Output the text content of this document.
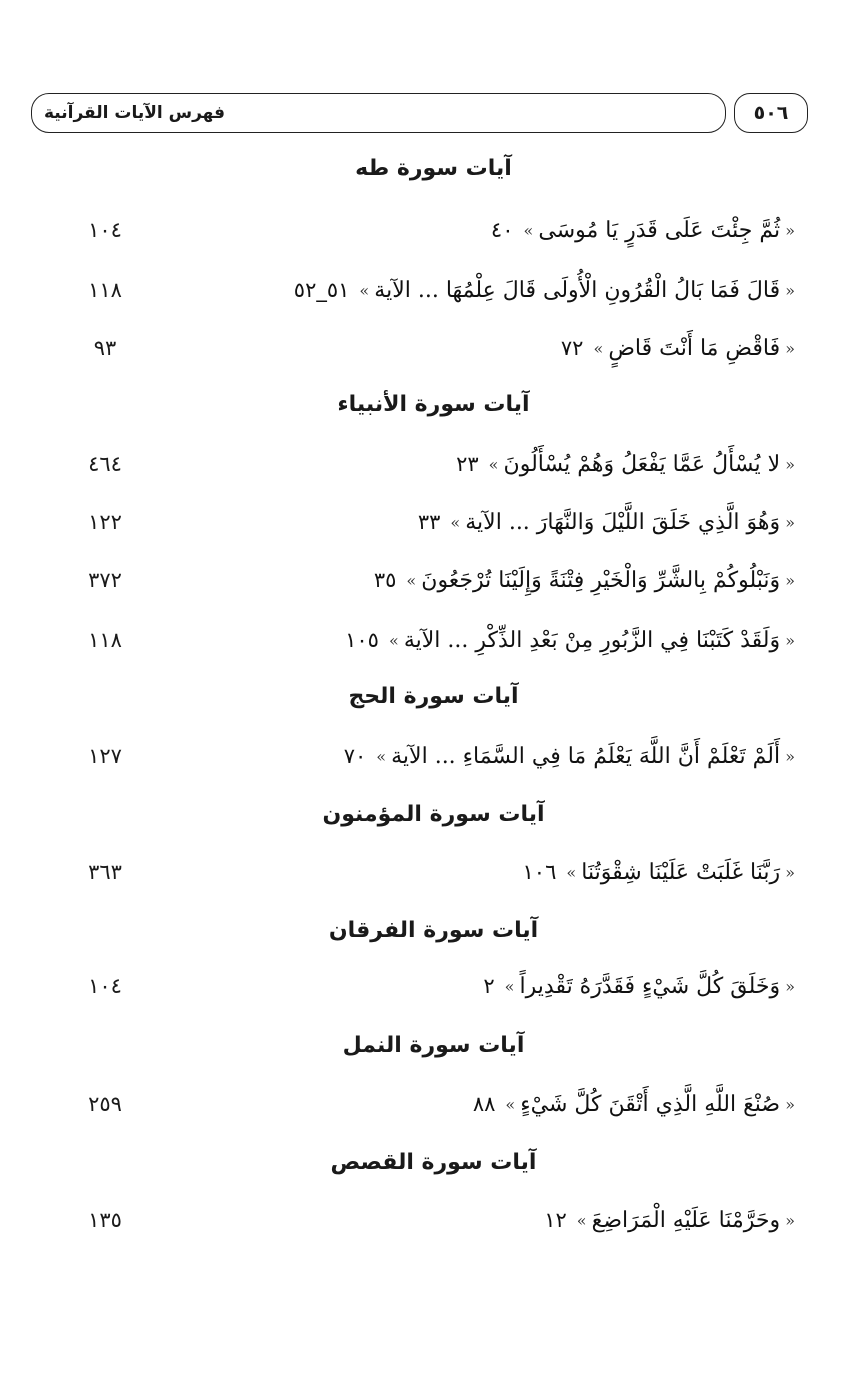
فهرس الآيات القرآنية	٥٠٦
آيات سورة طه
« ثُمَّ جِئْتَ عَلَى قَدَرٍ يَا مُوسَى »٤٠
١٠٤
« قَالَ فَمَا بَالُ الْقُرُونِ الْأُولَى قَالَ عِلْمُهَا ... الآية »٥١_٥٢
١١٨
« فَاقْضِ مَا أَنْتَ قَاضٍ »٧٢
٩٣
آيات سورة الأنبياء
« لا يُسْأَلُ عَمَّا يَفْعَلُ وَهُمْ يُسْأَلُونَ »٢٣
٤٦٤
« وَهُوَ الَّذِي خَلَقَ اللَّيْلَ وَالنَّهَارَ ... الآية »٣٣
١٢٢
« وَنَبْلُوكُمْ بِالشَّرِّ وَالْخَيْرِ فِتْنَةً وَإِلَيْنَا تُرْجَعُونَ »٣٥
٣٧٢
« وَلَقَدْ كَتَبْنَا فِي الزَّبُورِ مِنْ بَعْدِ الذِّكْرِ ... الآية »١٠٥
١١٨
آيات سورة الحج
« أَلَمْ تَعْلَمْ أَنَّ اللَّهَ يَعْلَمُ مَا فِي السَّمَاءِ ... الآية »٧٠
١٢٧
آيات سورة المؤمنون
« رَبَّنَا غَلَبَتْ عَلَيْنَا شِقْوَتُنَا »١٠٦
٣٦٣
آيات سورة الفرقان
« وَخَلَقَ كُلَّ شَيْءٍ فَقَدَّرَهُ تَقْدِيراً »٢
١٠٤
آيات سورة النمل
« صُنْعَ اللَّهِ الَّذِي أَتْقَنَ كُلَّ شَيْءٍ »٨٨
٢٥٩
آيات سورة القصص
« وحَرَّمْنَا عَلَيْهِ الْمَرَاضِعَ »١٢
١٣٥
